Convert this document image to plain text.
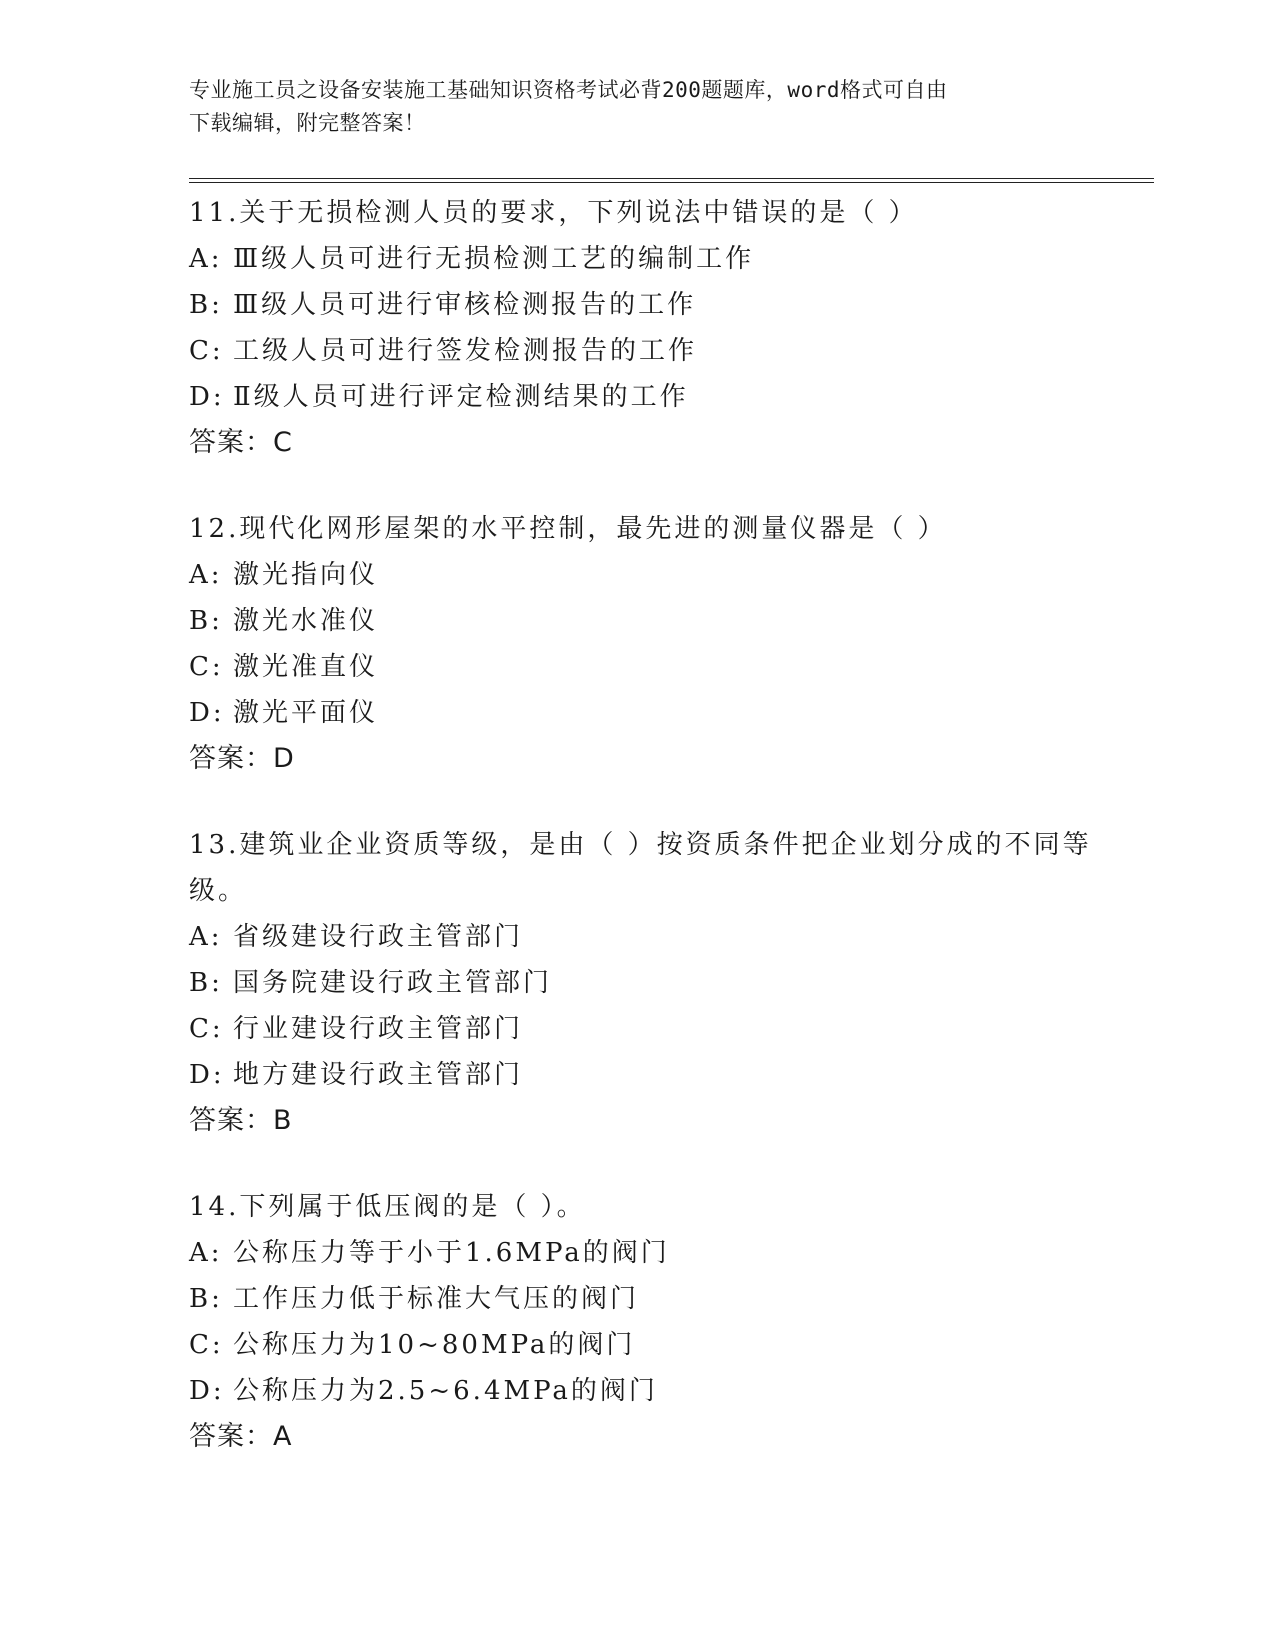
专业施工员之设备安装施工基础知识资格考试必背200题题库，word格式可自由
下载编辑，附完整答案！
11.关于无损检测人员的要求，下列说法中错误的是（ ）
A: Ⅲ级人员可进行无损检测工艺的编制工作
B: Ⅲ级人员可进行审核检测报告的工作
C: 工级人员可进行签发检测报告的工作
D: Ⅱ级人员可进行评定检测结果的工作
答案：C
12.现代化网形屋架的水平控制，最先进的测量仪器是（ ）
A: 激光指向仪
B: 激光水准仪
C: 激光准直仪
D: 激光平面仪
答案：D
13.建筑业企业资质等级，是由（ ）按资质条件把企业划分成的不同等级。
A: 省级建设行政主管部门
B: 国务院建设行政主管部门
C: 行业建设行政主管部门
D: 地方建设行政主管部门
答案：B
14.下列属于低压阀的是（ ）。
A: 公称压力等于小于1.6MPa的阀门
B: 工作压力低于标准大气压的阀门
C: 公称压力为10~80MPa的阀门
D: 公称压力为2.5~6.4MPa的阀门
答案：A
